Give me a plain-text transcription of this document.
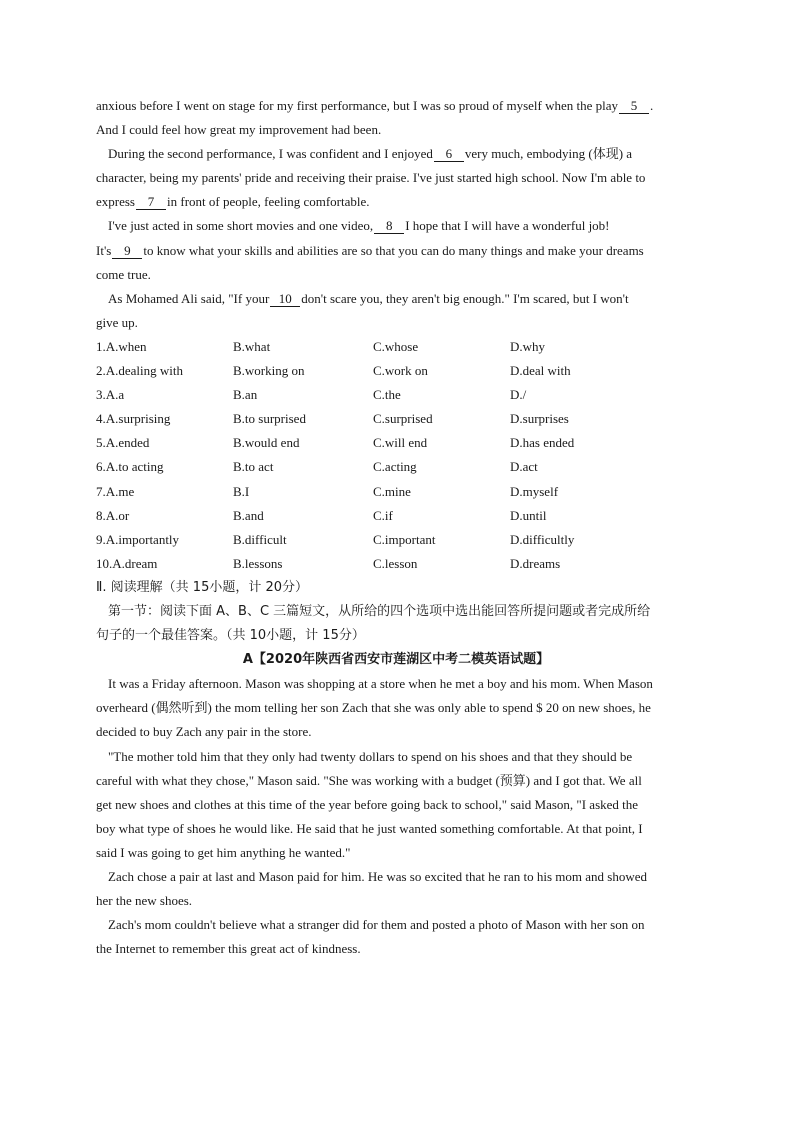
anxious before I went on stage for my first performance, but I was so proud of myself when the play 5 .
And I could feel how great my improvement had been.
During the second performance, I was confident and I enjoyed 6 very much, embodying (体现) a
character, being my parents' pride and receiving their praise. I've just started high school. Now I'm able to
express 7 in front of people, feeling comfortable.
I've just acted in some short movies and one video, 8 I hope that I will have a wonderful job!
It's 9 to know what your skills and abilities are so that you can do many things and make your dreams
come true.
As Mohamed Ali said, "If your 10 don't scare you, they aren't big enough." I'm scared, but I won't
give up.
1.A.when	B.what	C.whose	D.why
2.A.dealing with	B.working on	C.work on	D.deal with
3.A.a	B.an	C.the	D./
4.A.surprising	B.to surprised	C.surprised	D.surprises
5.A.ended	B.would end	C.will end	D.has ended
6.A.to acting	B.to act	C.acting	D.act
7.A.me	B.I	C.mine	D.myself
8.A.or	B.and	C.if	D.until
9.A.importantly	B.difficult	C.important	D.difficultly
10.A.dream	B.lessons	C.lesson	D.dreams
Ⅱ. 阅读理解（共 15小题，计 20分）
第一节：阅读下面 A、B、C 三篇短文，从所给的四个选项中选出能回答所提问题或者完成所给
句子的一个最佳答案。（共 10小题，计 15分）
A【2020年陕西省西安市莲湖区中考二模英语试题】
It was a Friday afternoon. Mason was shopping at a store when he met a boy and his mom. When Mason
overheard (偶然听到) the mom telling her son Zach that she was only able to spend $ 20 on new shoes, he
decided to buy Zach any pair in the store.
"The mother told him that they only had twenty dollars to spend on his shoes and that they should be
careful with what they chose," Mason said. "She was working with a budget (预算) and I got that. We all
get new shoes and clothes at this time of the year before going back to school," said Mason, "I asked the
boy what type of shoes he would like. He said that he just wanted something comfortable. At that point, I
said I was going to get him anything he wanted."
Zach chose a pair at last and Mason paid for him. He was so excited that he ran to his mom and showed
her the new shoes.
Zach's mom couldn't believe what a stranger did for them and posted a photo of Mason with her son on
the Internet to remember this great act of kindness.
